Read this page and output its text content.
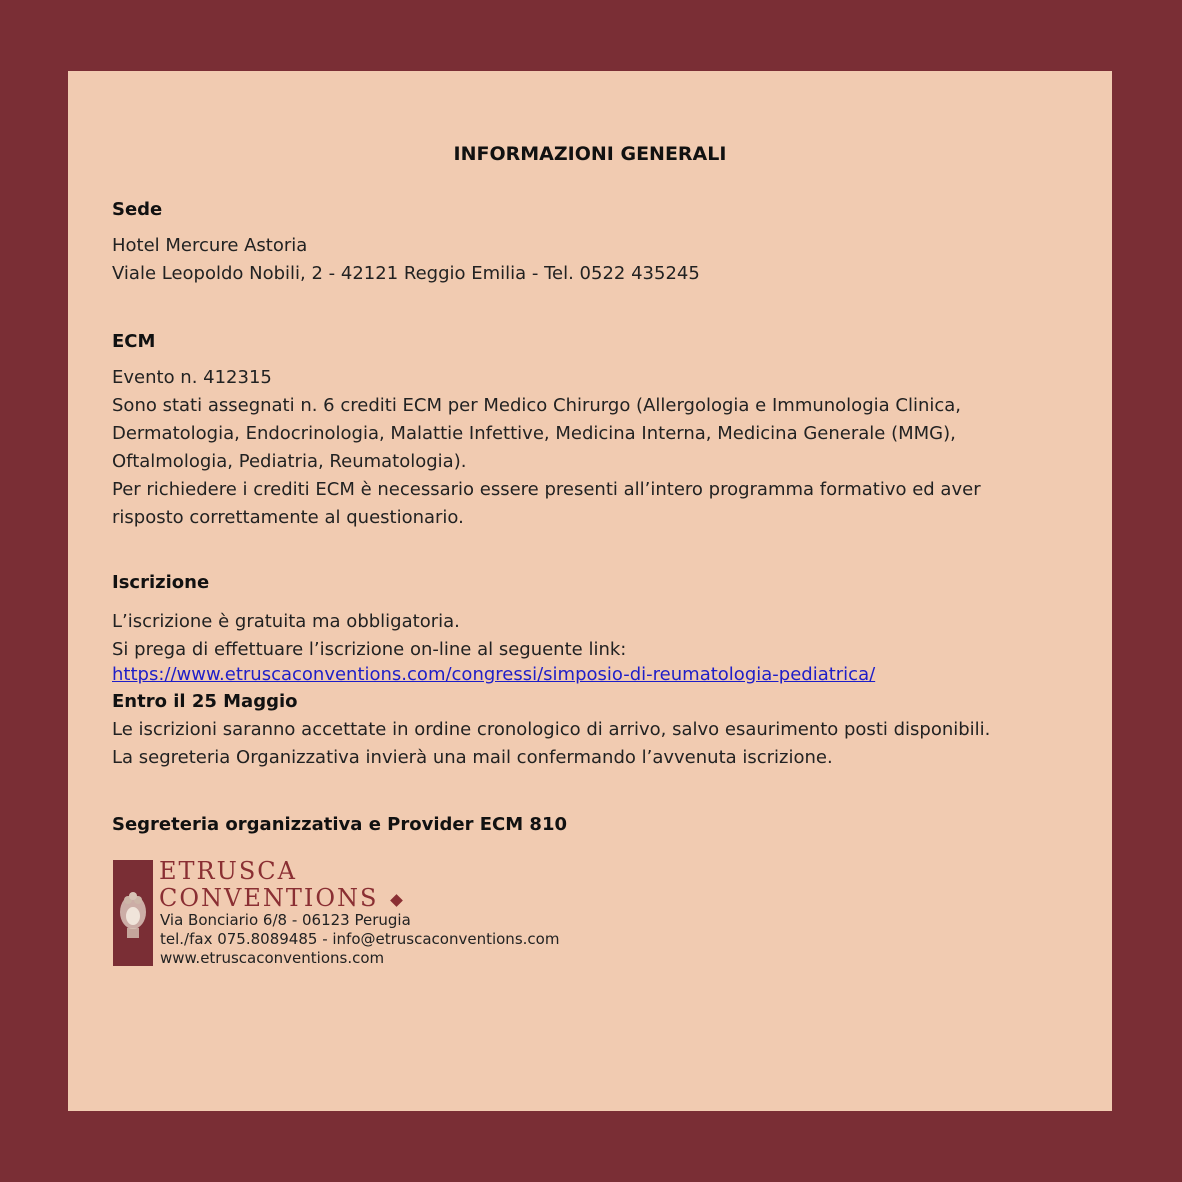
INFORMAZIONI GENERALI
Sede
Hotel Mercure Astoria
Viale Leopoldo Nobili, 2 - 42121 Reggio Emilia - Tel. 0522 435245
ECM
Evento n. 412315
Sono stati assegnati n. 6 crediti ECM per Medico Chirurgo (Allergologia e Immunologia Clinica,
Dermatologia, Endocrinologia, Malattie Infettive, Medicina Interna, Medicina Generale (MMG),
Oftalmologia, Pediatria, Reumatologia).
Per richiedere i crediti ECM è necessario essere presenti all’intero programma formativo ed aver
risposto correttamente al questionario.
Iscrizione
L’iscrizione è gratuita ma obbligatoria.
Si prega di effettuare l’iscrizione on-line al seguente link:
https://www.etruscaconventions.com/congressi/simposio-di-reumatologia-pediatrica/
Entro il 25 Maggio
Le iscrizioni saranno accettate in ordine cronologico di arrivo, salvo esaurimento posti disponibili.
La segreteria Organizzativa invierà una mail confermando l’avvenuta iscrizione.
Segreteria organizzativa e Provider ECM 810
ETRUSCA
CONVENTIONS
Via Bonciario 6/8 - 06123 Perugia
tel./fax 075.8089485 - info@etruscaconventions.com
www.etruscaconventions.com
